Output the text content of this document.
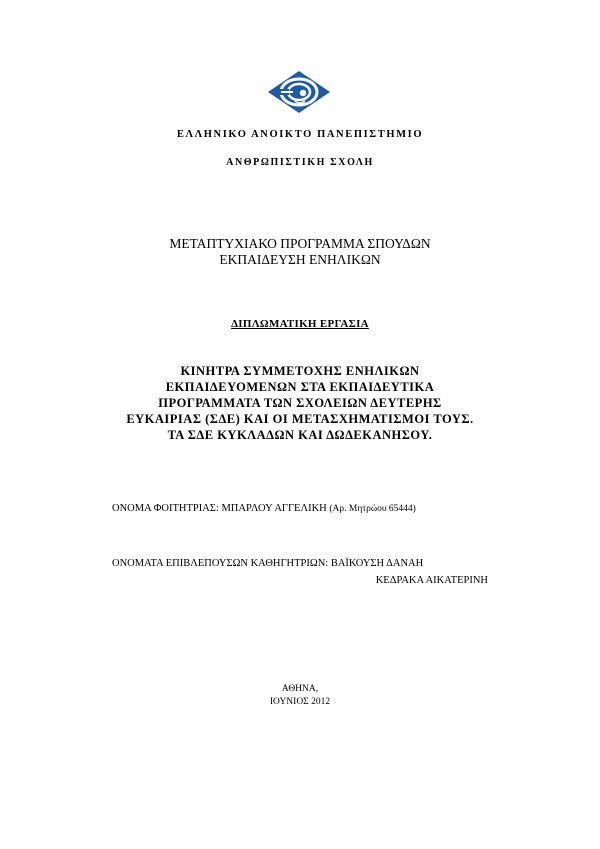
ΕΛΛΗΝΙΚΟ ΑΝΟΙΚΤΟ ΠΑΝΕΠΙΣΤΗΜΙΟ
ΑΝΘΡΩΠΙΣΤΙΚΗ ΣΧΟΛΗ
ΜΕΤΑΠΤΥΧΙΑΚΟ ΠΡΟΓΡΑΜΜΑ ΣΠΟΥΔΩΝ
ΕΚΠΑΙΔΕΥΣΗ ΕΝΗΛΙΚΩΝ
ΔΙΠΛΩΜΑΤΙΚΗ ΕΡΓΑΣΙΑ
ΚΙΝΗΤΡΑ ΣΥΜΜΕΤΟΧΗΣ ΕΝΗΛΙΚΩΝ
ΕΚΠΑΙΔΕΥΟΜΕΝΩΝ ΣΤΑ ΕΚΠΑΙΔΕΥΤΙΚΑ
ΠΡΟΓΡΑΜΜΑΤΑ ΤΩΝ ΣΧΟΛΕΙΩΝ ΔΕΥΤΕΡΗΣ
ΕΥΚΑΙΡΙΑΣ (ΣΔΕ) ΚΑΙ ΟΙ ΜΕΤΑΣΧΗΜΑΤΙΣΜΟΙ ΤΟΥΣ.
ΤΑ ΣΔΕ ΚΥΚΛΑΔΩΝ ΚΑΙ ΔΩΔΕΚΑΝΗΣΟΥ.
ΟΝΟΜΑ ΦΟΙΤΗΤΡΙΑΣ: ΜΠΑΡΛΟΥ ΑΓΓΕΛΙΚΗ (Αρ. Μητρώου 65444)
ΟΝΟΜΑΤΑ ΕΠΙΒΛΕΠΟΥΣΩΝ ΚΑΘΗΓΗΤΡΙΩΝ: ΒΑΪΚΟΥΣΗ ΔΑΝΑΗ
ΚΕΔΡΑΚΑ ΑΙΚΑΤΕΡΙΝΗ
ΑΘΗΝΑ,
ΙΟΥΝΙΟΣ 2012
